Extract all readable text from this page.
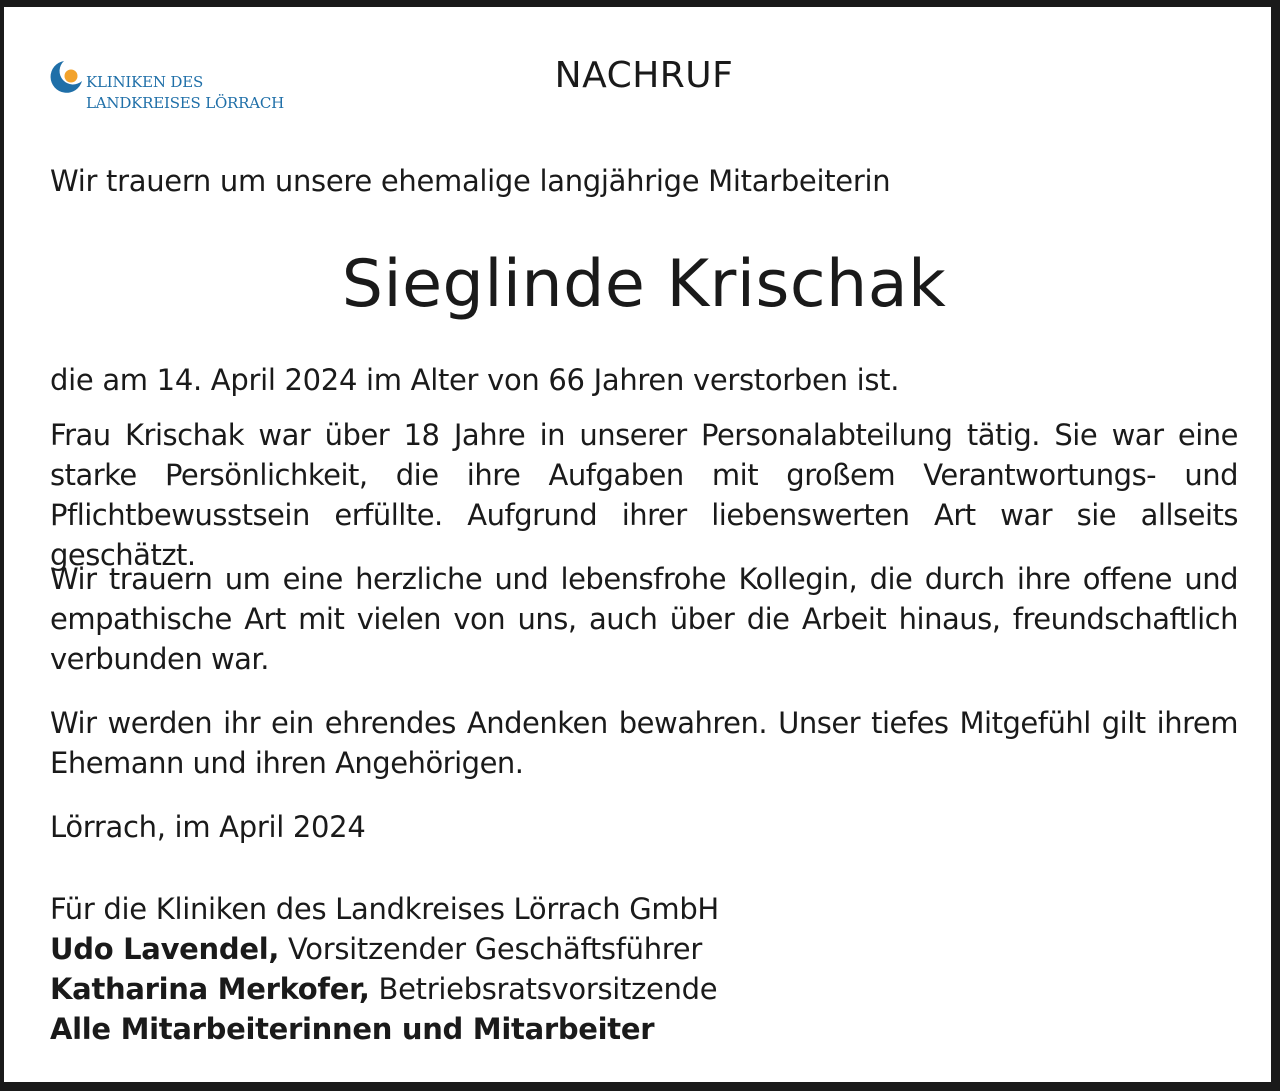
KLINIKEN DES
LANDKREISES LÖRRACH
NACHRUF
Wir trauern um unsere ehemalige langjährige Mitarbeiterin
Sieglinde Krischak
die am 14. April 2024 im Alter von 66 Jahren verstorben ist.

Frau Krischak war über 18 Jahre in unserer Personalabteilung tätig. Sie war eine starke Persönlichkeit, die ihre Aufgaben mit großem Verantwortungs- und Pflichtbewusstsein erfüllte. Aufgrund ihrer liebenswerten Art war sie allseits geschätzt.

Wir trauern um eine herzliche und lebensfrohe Kollegin, die durch ihre offene und empathische Art mit vielen von uns, auch über die Arbeit hinaus, freundschaftlich verbunden war.

Wir werden ihr ein ehrendes Andenken bewahren. Unser tiefes Mitgefühl gilt ihrem Ehemann und ihren Angehörigen.

Lörrach, im April 2024
Für die Kliniken des Landkreises Lörrach GmbH
Udo Lavendel, Vorsitzender Geschäftsführer
Katharina Merkofer, Betriebsratsvorsitzende
Alle Mitarbeiterinnen und Mitarbeiter
